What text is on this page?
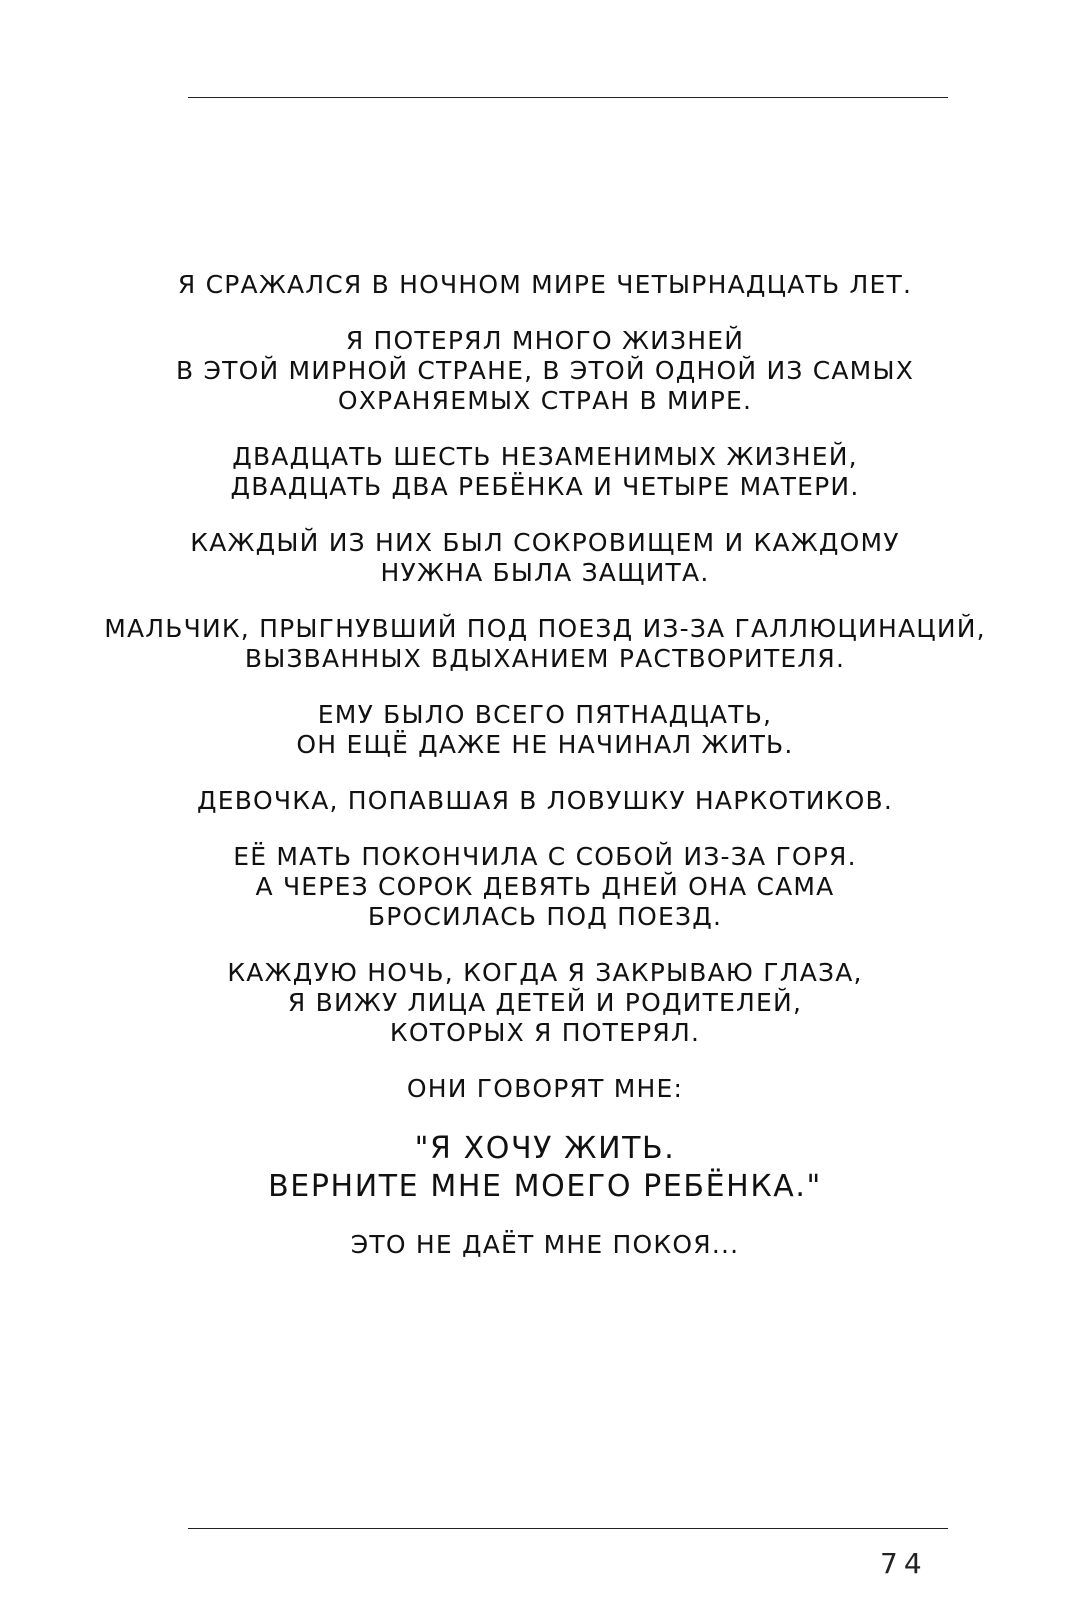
Я СРАЖАЛСЯ В НОЧНОМ МИРЕ ЧЕТЫРНАДЦАТЬ ЛЕТ.
Я ПОТЕРЯЛ МНОГО ЖИЗНЕЙ
В ЭТОЙ МИРНОЙ СТРАНЕ, В ЭТОЙ ОДНОЙ ИЗ САМЫХ
ОХРАНЯЕМЫХ СТРАН В МИРЕ.
ДВАДЦАТЬ ШЕСТЬ НЕЗАМЕНИМЫХ ЖИЗНЕЙ,
ДВАДЦАТЬ ДВА РЕБЁНКА И ЧЕТЫРЕ МАТЕРИ.
КАЖДЫЙ ИЗ НИХ БЫЛ СОКРОВИЩЕМ И КАЖДОМУ
НУЖНА БЫЛА ЗАЩИТА.
МАЛЬЧИК, ПРЫГНУВШИЙ ПОД ПОЕЗД ИЗ-ЗА ГАЛЛЮЦИНАЦИЙ,
ВЫЗВАННЫХ ВДЫХАНИЕМ РАСТВОРИТЕЛЯ.
ЕМУ БЫЛО ВСЕГО ПЯТНАДЦАТЬ,
ОН ЕЩЁ ДАЖЕ НЕ НАЧИНАЛ ЖИТЬ.
ДЕВОЧКА, ПОПАВШАЯ В ЛОВУШКУ НАРКОТИКОВ.
ЕЁ МАТЬ ПОКОНЧИЛА С СОБОЙ ИЗ-ЗА ГОРЯ.
А ЧЕРЕЗ СОРОК ДЕВЯТЬ ДНЕЙ ОНА САМА
БРОСИЛАСЬ ПОД ПОЕЗД.
КАЖДУЮ НОЧЬ, КОГДА Я ЗАКРЫВАЮ ГЛАЗА,
Я ВИЖУ ЛИЦА ДЕТЕЙ И РОДИТЕЛЕЙ,
КОТОРЫХ Я ПОТЕРЯЛ.
ОНИ ГОВОРЯТ МНЕ:
"Я ХОЧУ ЖИТЬ.
ВЕРНИТЕ МНЕ МОЕГО РЕБЁНКА."
ЭТО НЕ ДАЁТ МНЕ ПОКОЯ...
74
